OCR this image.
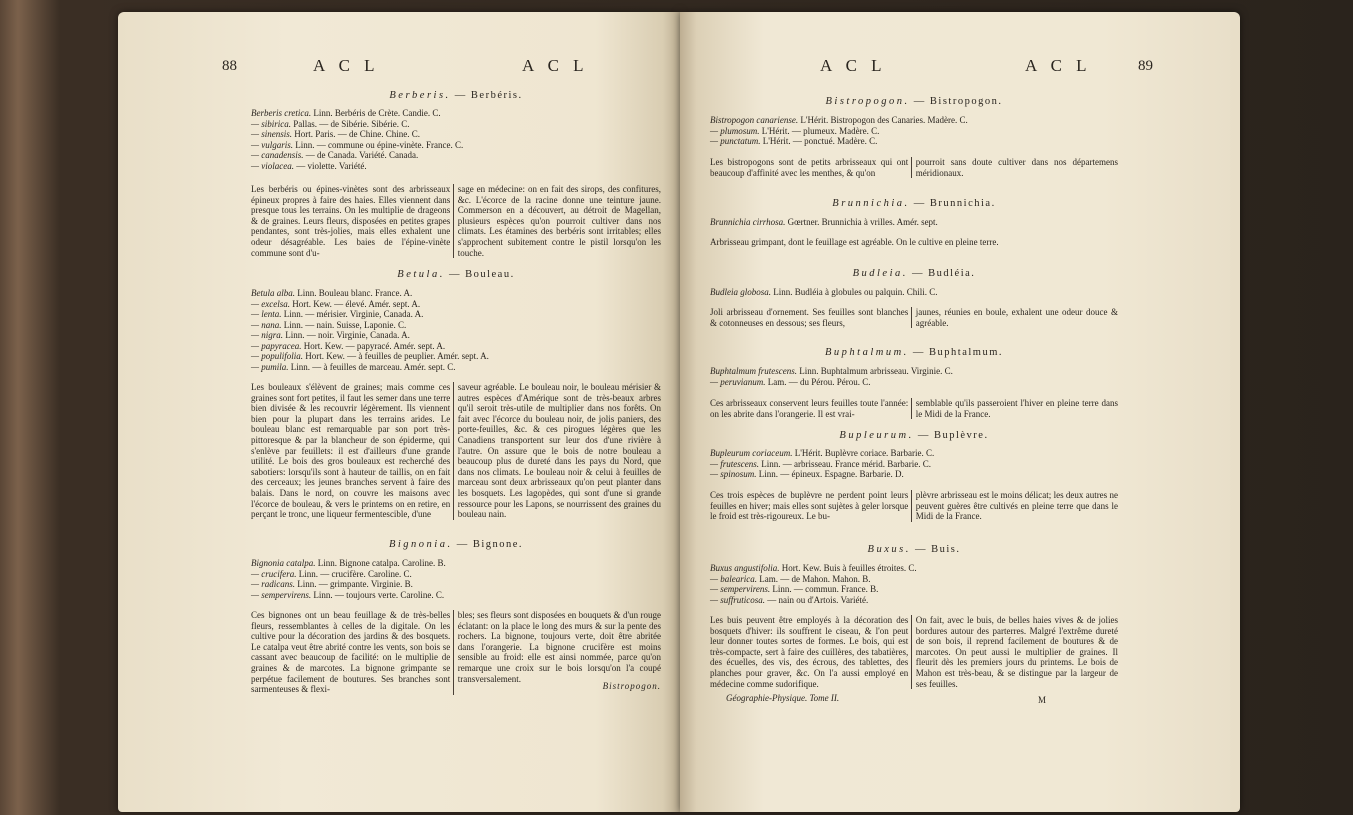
88	A C L	A C L
Berberis. — Berbéris.
Berberis cretica. Linn. Berbéris de Crète. Candie. C.
— sibirica. Pallas. — de Sibérie. Sibérie. C.
— sinensis. Hort. Paris. — de Chine. Chine. C.
— vulgaris. Linn. — commune ou épine-vinète. France. C.
— canadensis. — de Canada. Variété. Canada.
— violacea. — violette. Variété.
Les berbéris ou épines-vinètes sont des arbrisseaux épineux propres à faire des haies. Elles viennent dans presque tous les terrains. On les multiplie de drageons & de graines. Leurs fleurs, disposées en petites grapes pendantes, sont très-jolies, mais elles exhalent une odeur désagréable. Les baies de l'épine-vinète commune sont d'u-
sage en médecine: on en fait des sirops, des confitures, &c. L'écorce de la racine donne une teinture jaune. Commerson en a découvert, au détroit de Magellan, plusieurs espèces qu'on pourroit cultiver dans nos climats. Les étamines des berbéris sont irritables; elles s'approchent subitement contre le pistil lorsqu'on les touche.
Betula. — Bouleau.
Betula alba. Linn. Bouleau blanc. France. A.
— excelsa. Hort. Kew. — élevé. Amér. sept. A.
— lenta. Linn. — mérisier. Virginie, Canada. A.
— nana. Linn. — nain. Suisse, Laponie. C.
— nigra. Linn. — noir. Virginie, Canada. A.
— papyracea. Hort. Kew. — papyracé. Amér. sept. A.
— populifolia. Hort. Kew. — à feuilles de peuplier. Amér. sept. A.
— pumila. Linn. — à feuilles de marceau. Amér. sept. C.
Les bouleaux s'élèvent de graines; mais comme ces graines sont fort petites, il faut les semer dans une terre bien divisée & les recouvrir légèrement. Ils viennent bien pour la plupart dans les terrains arides. Le bouleau blanc est remarquable par son port très-pittoresque & par la blancheur de son épiderme, qui s'enlève par feuillets: il est d'ailleurs d'une grande utilité. Le bois des gros bouleaux est recherché des sabotiers: lorsqu'ils sont à hauteur de taillis, on en fait des cerceaux; les jeunes branches servent à faire des balais. Dans le nord, on couvre les maisons avec l'écorce de bouleau, & vers le printems on en retire, en perçant le tronc, une liqueur fermentescible, d'une
saveur agréable. Le bouleau noir, le bouleau mérisier & autres espèces d'Amérique sont de très-beaux arbres qu'il seroit très-utile de multiplier dans nos forêts. On fait avec l'écorce du bouleau noir, de jolis paniers, des porte-feuilles, &c. & ces pirogues légères que les Canadiens transportent sur leur dos d'une rivière à l'autre. On assure que le bois de notre bouleau a beaucoup plus de dureté dans les pays du Nord, que dans nos climats. Le bouleau noir & celui à feuilles de marceau sont deux arbrisseaux qu'on peut planter dans les bosquets. Les lagopèdes, qui sont d'une si grande ressource pour les Lapons, se nourrissent des graines du bouleau nain.
Bignonia. — Bignone.
Bignonia catalpa. Linn. Bignone catalpa. Caroline. B.
— crucifera. Linn. — crucifère. Caroline. C.
— radicans. Linn. — grimpante. Virginie. B.
— sempervirens. Linn. — toujours verte. Caroline. C.
Ces bignones ont un beau feuillage & de très-belles fleurs, ressemblantes à celles de la digitale. On les cultive pour la décoration des jardins & des bosquets. Le catalpa veut être abrité contre les vents, son bois se cassant avec beaucoup de facilité: on le multiplie de graines & de marcotes. La bignone grimpante se perpétue facilement de boutures. Ses branches sont sarmenteuses & flexi-
bles; ses fleurs sont disposées en bouquets & d'un rouge éclatant: on la place le long des murs & sur la pente des rochers. La bignone, toujours verte, doit être abritée dans l'orangerie. La bignone crucifère est moins sensible au froid: elle est ainsi nommée, parce qu'on remarque une croix sur le bois lorsqu'on l'a coupé transversalement.
Bistropogon.
A C L	A C L	89
Bistropogon. — Bistropogon.
Bistropogon canariense. L'Hérit. Bistropogon des Canaries. Madère. C.
— plumosum. L'Hérit. — plumeux. Madère. C.
— punctatum. L'Hérit. — ponctué. Madère. C.
Les bistropogons sont de petits arbrisseaux qui ont beaucoup d'affinité avec les menthes, & qu'on
pourroit sans doute cultiver dans nos départemens méridionaux.
Brunnichia. — Brunnichia.
Brunnichia cirrhosa. Gœrtner. Brunnichia à vrilles. Amér. sept.
Arbrisseau grimpant, dont le feuillage est agréable. On le cultive en pleine terre.
Budleia. — Budléia.
Budleia globosa. Linn. Budléia à globules ou palquin. Chili. C.
Joli arbrisseau d'ornement. Ses feuilles sont blanches & cotonneuses en dessous; ses fleurs,
jaunes, réunies en boule, exhalent une odeur douce & agréable.
Buphtalmum. — Buphtalmum.
Buphtalmum frutescens. Linn. Buphtalmum arbrisseau. Virginie. C.
— peruvianum. Lam. — du Pérou. Pérou. C.
Ces arbrisseaux conservent leurs feuilles toute l'année: on les abrite dans l'orangerie. Il est vrai-
semblable qu'ils passeroient l'hiver en pleine terre dans le Midi de la France.
Bupleurum. — Buplèvre.
Bupleurum coriaceum. L'Hérit. Buplèvre coriace. Barbarie. C.
— frutescens. Linn. — arbrisseau. France mérid. Barbarie. C.
— spinosum. Linn. — épineux. Espagne. Barbarie. D.
Ces trois espèces de buplèvre ne perdent point leurs feuilles en hiver; mais elles sont sujètes à geler lorsque le froid est très-rigoureux. Le bu-
plèvre arbrisseau est le moins délicat; les deux autres ne peuvent guères être cultivés en pleine terre que dans le Midi de la France.
Buxus. — Buis.
Buxus angustifolia. Hort. Kew. Buis à feuilles étroites. C.
— balearica. Lam. — de Mahon. Mahon. B.
— sempervirens. Linn. — commun. France. B.
— suffruticosa. — nain ou d'Artois. Variété.
Les buis peuvent être employés à la décoration des bosquets d'hiver: ils souffrent le ciseau, & l'on peut leur donner toutes sortes de formes. Le bois, qui est très-compacte, sert à faire des cuillères, des tabatières, des écuelles, des vis, des écrous, des tablettes, des planches pour graver, &c. On l'a aussi employé en médecine comme sudorifique.
On fait, avec le buis, de belles haies vives & de jolies bordures autour des parterres. Malgré l'extrême dureté de son bois, il reprend facilement de boutures & de marcotes. On peut aussi le multiplier de graines. Il fleurit dès les premiers jours du printems. Le bois de Mahon est très-beau, & se distingue par la largeur de ses feuilles.
Géographie-Physique. Tome II.	M
